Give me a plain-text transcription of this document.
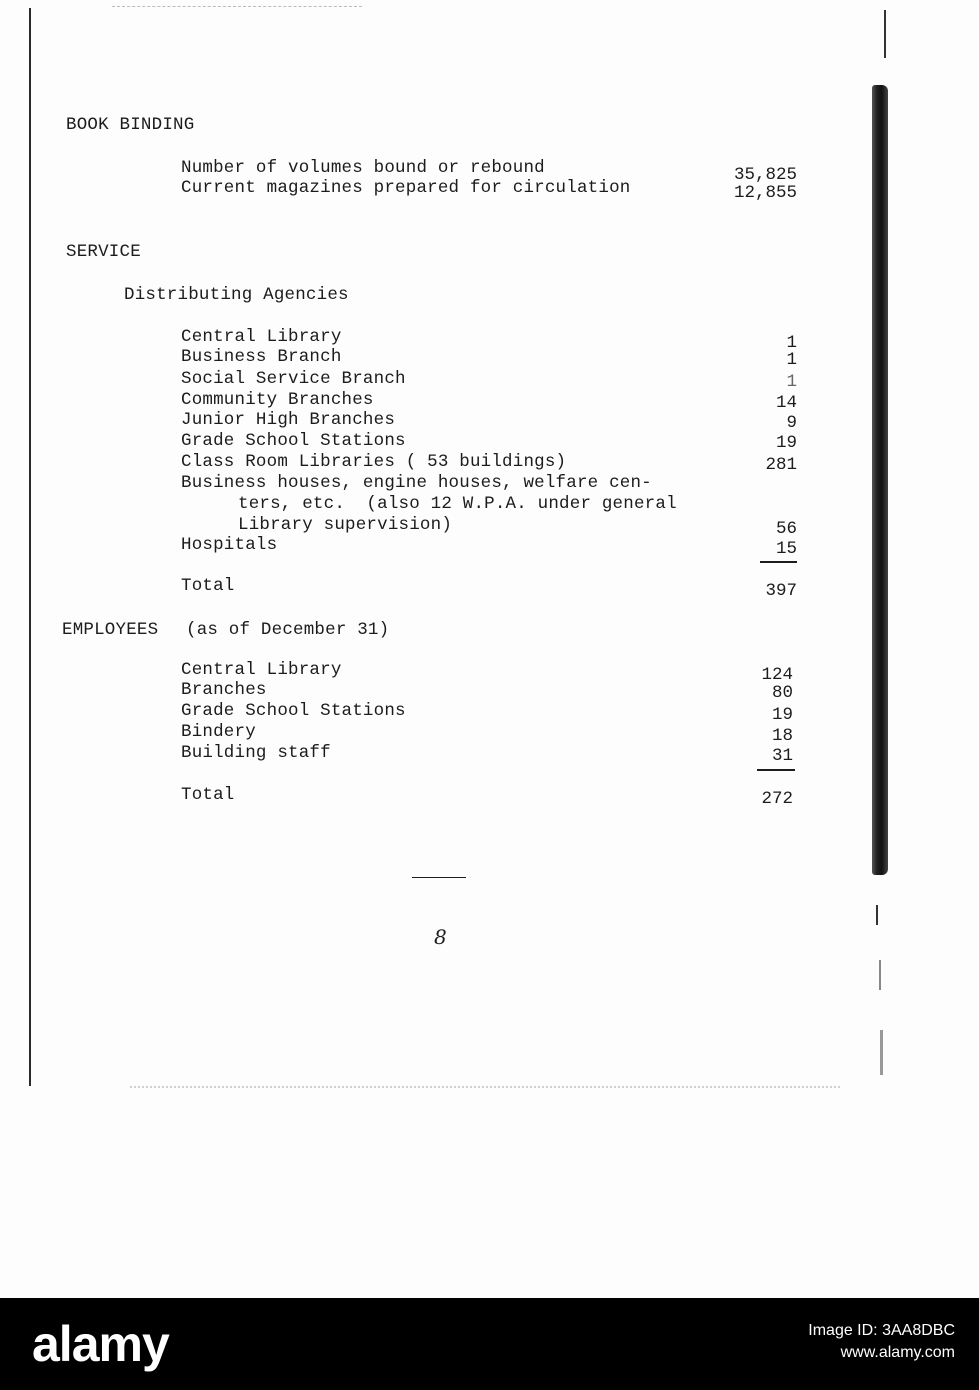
BOOK BINDING
Number of volumes bound or rebound	35,825
Current magazines prepared for circulation	12,855
SERVICE
Distributing Agencies
Central Library	1
Business Branch	1
Social Service Branch	1
Community Branches	14
Junior High Branches	9
Grade School Stations	19
Class Room Libraries ( 53 buildings)	281
Business houses, engine houses, welfare cen-
ters, etc.  (also 12 W.P.A. under general
Library supervision)	56
Hospitals	15
Total	397
EMPLOYEES (as of December 31)
Central Library	124
Branches	80
Grade School Stations	19
Bindery	18
Building staff	31
Total	272
8
alamy	Image ID: 3AA8DBC
www.alamy.com
